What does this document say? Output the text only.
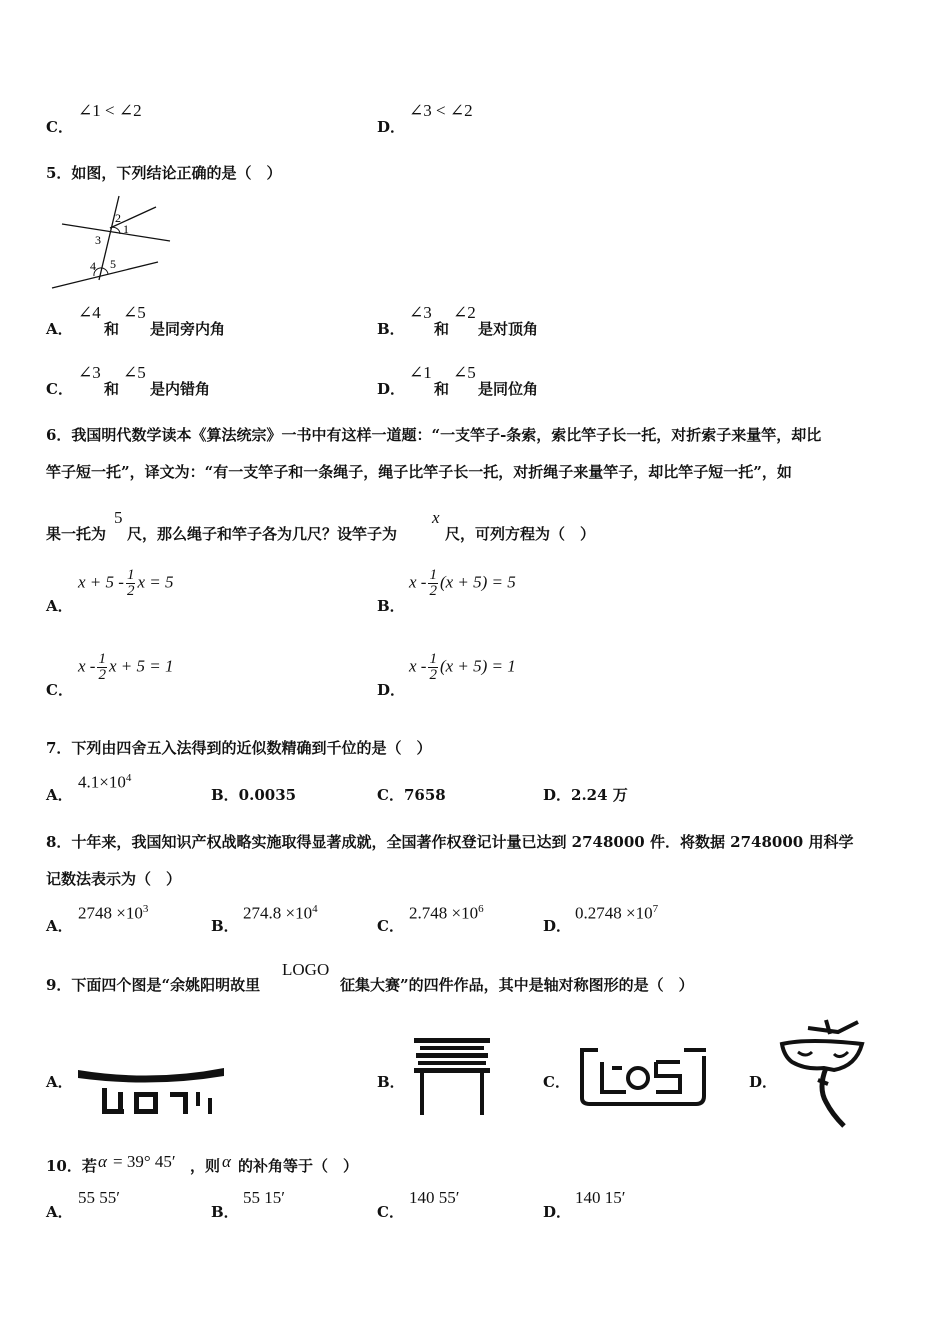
C．
∠1 < ∠2
D．
∠3 < ∠2
5．如图，下列结论正确的是（　）
2
1
3
4 5
A．
∠4
和
∠5
是同旁内角	B．
∠3
和
∠2
是对顶角
C．
∠3
和
∠5
是内错角	D．
∠1
和
∠5
是同位角
6．我国明代数学读本《算法统宗》一书中有这样一道题：“一支竿子-条索，索比竿子长一托，对折索子来量竿，却比
竿子短一托”，译文为：“有一支竿子和一条绳子，绳子比竿子长一托，对折绳子来量竿子，却比竿子短一托”，如
果一托为
5
尺，那么绳子和竿子各为几尺？设竿子为
x
尺，可列方程为（　）
A．
$x + 5 - \frac{1}{2}$ x = 5
B．
$x - \frac{1}{2} (x + 5) = 5$
C．
x - $\frac{1}{2}$ x + 5 = 1
D．
$x - \frac{1}{2} (x + 5) = 1$
7．下列由四舍五入法得到的近似数精确到千位的是（　）
A．
$4.1\times 10^4$
B．0.0035	C．7658	D．2.24 万
8．十年来，我国知识产权战略实施取得显著成就，全国著作权登记计量已达到 2748000 件．将数据 2748000 用科学
记数法表示为（　）
A．
$2748 \times 10^3$
B．
$274.8 \times 10^4$
C．
$2.748 \times 10^6$
D．
$0.2748 \times 10^7$
9．下面四个图是“余姚阳明故里
LOGO
征集大赛”的四件作品，其中是轴对称图形的是（　）
A．	B．	C．	D．
10．若 α = 39° 45′ ，则 α 的补角等于（　）
A．
55 55′
B．
55 15′
C．
140 55′
D．
140 15′
